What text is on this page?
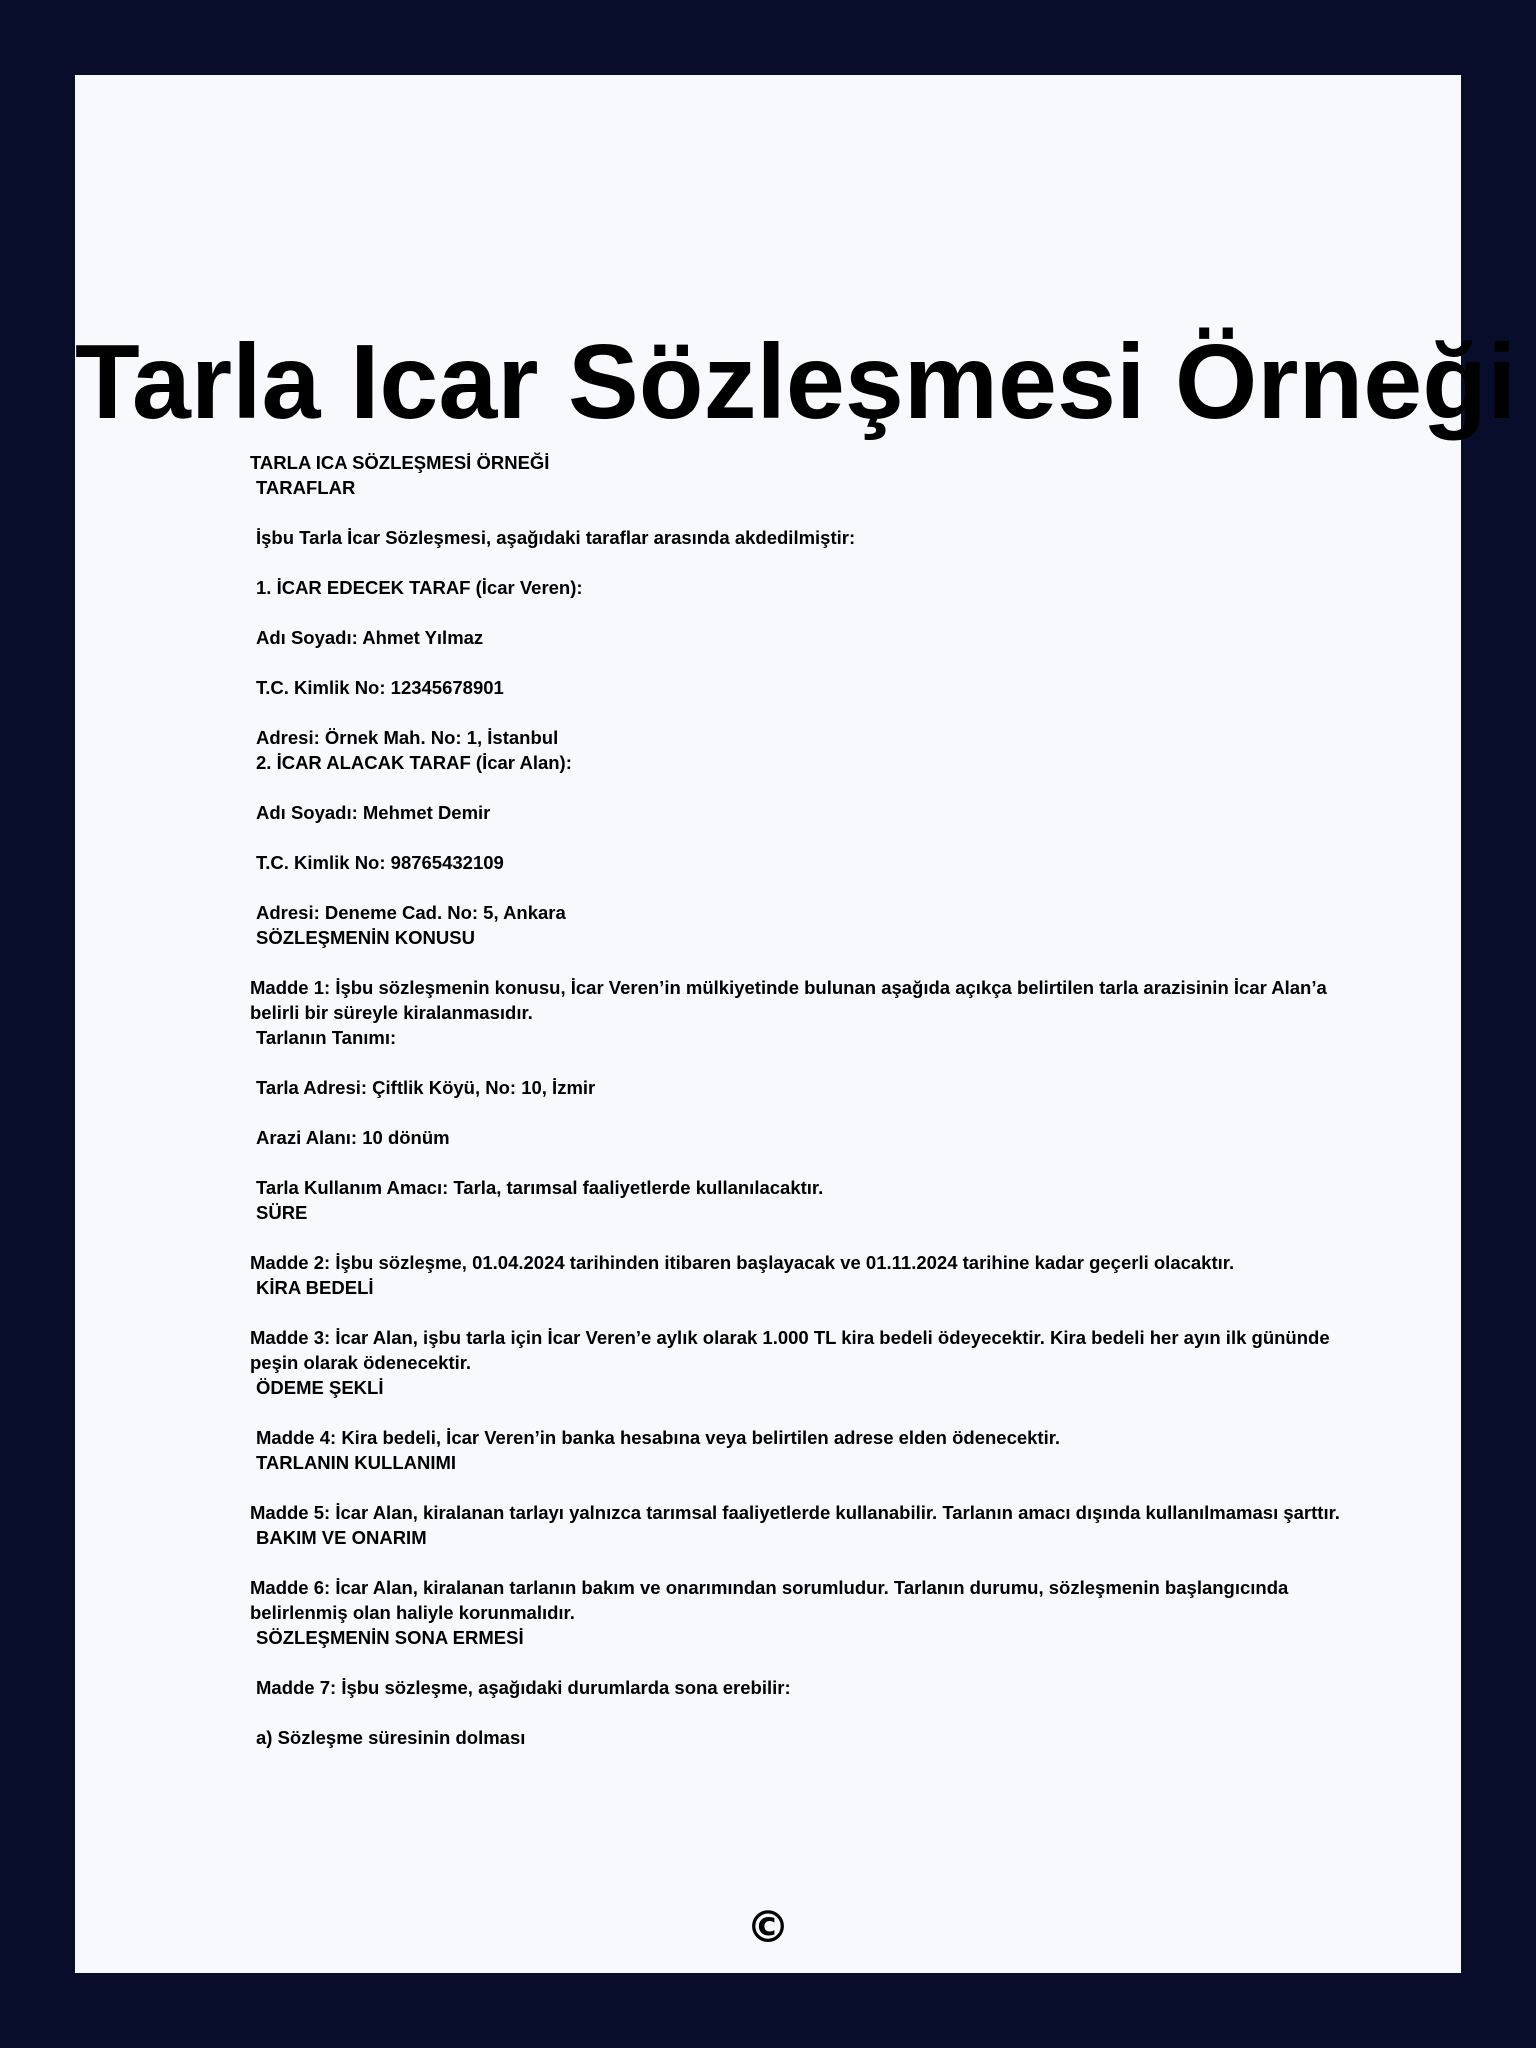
Tarla Icar Sözleşmesi Örneği
TARLA ICA SÖZLEŞMESİ ÖRNEĞİ
TARAFLAR
İşbu Tarla İcar Sözleşmesi, aşağıdaki taraflar arasında akdedilmiştir:
1. İCAR EDECEK TARAF (İcar Veren):
Adı Soyadı: Ahmet Yılmaz
T.C. Kimlik No: 12345678901
Adresi: Örnek Mah. No: 1, İstanbul
2. İCAR ALACAK TARAF (İcar Alan):
Adı Soyadı: Mehmet Demir
T.C. Kimlik No: 98765432109
Adresi: Deneme Cad. No: 5, Ankara
SÖZLEŞMENİN KONUSU
Madde 1: İşbu sözleşmenin konusu, İcar Veren’in mülkiyetinde bulunan aşağıda açıkça belirtilen tarla arazisinin İcar Alan’a belirli bir süreyle kiralanmasıdır.
Tarlanın Tanımı:
Tarla Adresi: Çiftlik Köyü, No: 10, İzmir
Arazi Alanı: 10 dönüm
Tarla Kullanım Amacı: Tarla, tarımsal faaliyetlerde kullanılacaktır.
SÜRE
Madde 2: İşbu sözleşme, 01.04.2024 tarihinden itibaren başlayacak ve 01.11.2024 tarihine kadar geçerli olacaktır.
KİRA BEDELİ
Madde 3: İcar Alan, işbu tarla için İcar Veren’e aylık olarak 1.000 TL kira bedeli ödeyecektir. Kira bedeli her ayın ilk gününde peşin olarak ödenecektir.
ÖDEME ŞEKLİ
Madde 4: Kira bedeli, İcar Veren’in banka hesabına veya belirtilen adrese elden ödenecektir.
TARLANIN KULLANIMI
Madde 5: İcar Alan, kiralanan tarlayı yalnızca tarımsal faaliyetlerde kullanabilir. Tarlanın amacı dışında kullanılmaması şarttır.
BAKIM VE ONARIM
Madde 6: İcar Alan, kiralanan tarlanın bakım ve onarımından sorumludur. Tarlanın durumu, sözleşmenin başlangıcında belirlenmiş olan haliyle korunmalıdır.
SÖZLEŞMENİN SONA ERMESİ
Madde 7: İşbu sözleşme, aşağıdaki durumlarda sona erebilir:
a) Sözleşme süresinin dolması
©
